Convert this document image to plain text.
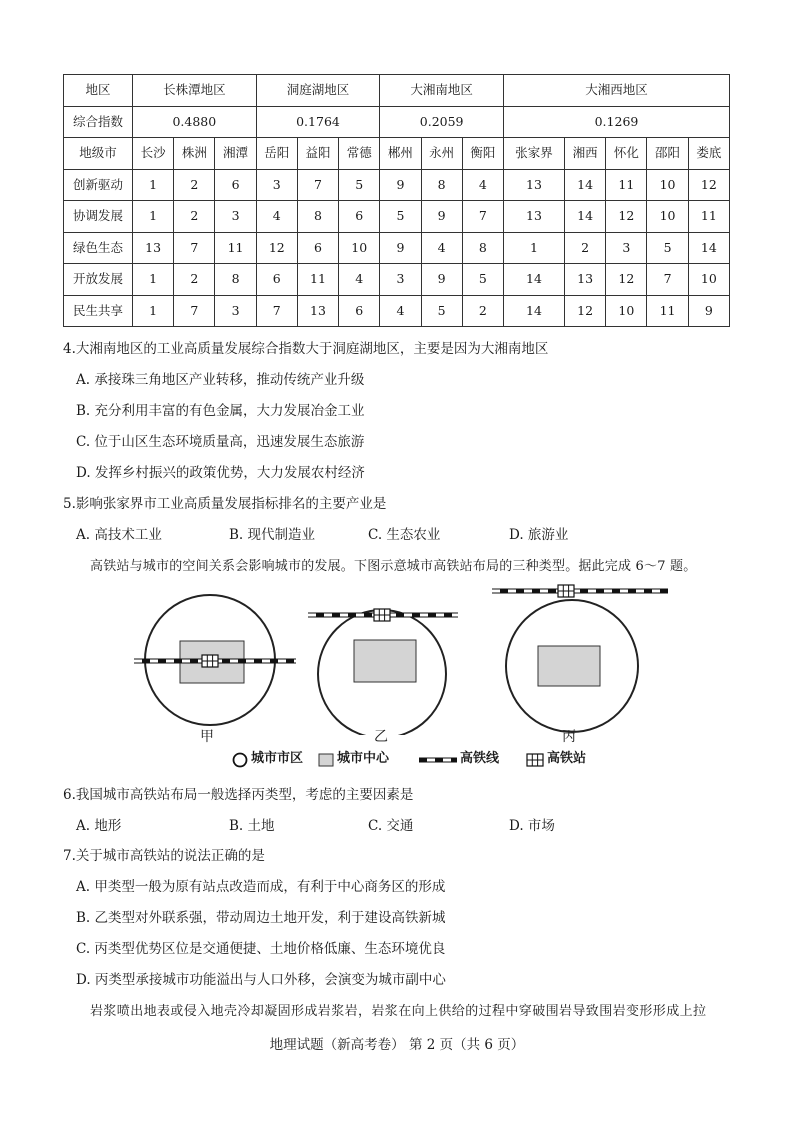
地区	长株潭地区			洞庭湖地区			大湘南地区			大湘西地区				
综合指数	0.4880			0.1764			0.2059			0.1269				
地级市	长沙	株洲	湘潭	岳阳	益阳	常德	郴州	永州	衡阳	张家界	湘西	怀化	邵阳	娄底
创新驱动	1	2	6	3	7	5	9	8	4	13	14	11	10	12
协调发展	1	2	3	4	8	6	5	9	7	13	14	12	10	11
绿色生态	13	7	11	12	6	10	9	4	8	1	2	3	5	14
开放发展	1	2	8	6	11	4	3	9	5	14	13	12	7	10
民生共享	1	7	3	7	13	6	4	5	2	14	12	10	11	9
4.大湘南地区的工业高质量发展综合指数大于洞庭湖地区，主要是因为大湘南地区
A. 承接珠三角地区产业转移，推动传统产业升级
B. 充分利用丰富的有色金属，大力发展冶金工业
C. 位于山区生态环境质量高，迅速发展生态旅游
D. 发挥乡村振兴的政策优势，大力发展农村经济
5.影响张家界市工业高质量发展指标排名的主要产业是
A. 高技术工业	B. 现代制造业	C. 生态农业	D. 旅游业
高铁站与城市的空间关系会影响城市的发展。下图示意城市高铁站布局的三种类型。据此完成 6～7 题。
甲	乙	丙
城市市区	城市中心	高铁线	高铁站
6.我国城市高铁站布局一般选择丙类型，考虑的主要因素是
A. 地形	B. 土地	C. 交通	D. 市场
7.关于城市高铁站的说法正确的是
A. 甲类型一般为原有站点改造而成，有利于中心商务区的形成
B. 乙类型对外联系强，带动周边土地开发，利于建设高铁新城
C. 丙类型优势区位是交通便捷、土地价格低廉、生态环境优良
D. 丙类型承接城市功能溢出与人口外移，会演变为城市副中心
岩浆喷出地表或侵入地壳冷却凝固形成岩浆岩，岩浆在向上供给的过程中穿破围岩导致围岩变形形成上拉
地理试题（新高考卷） 第 2 页（共 6 页）
